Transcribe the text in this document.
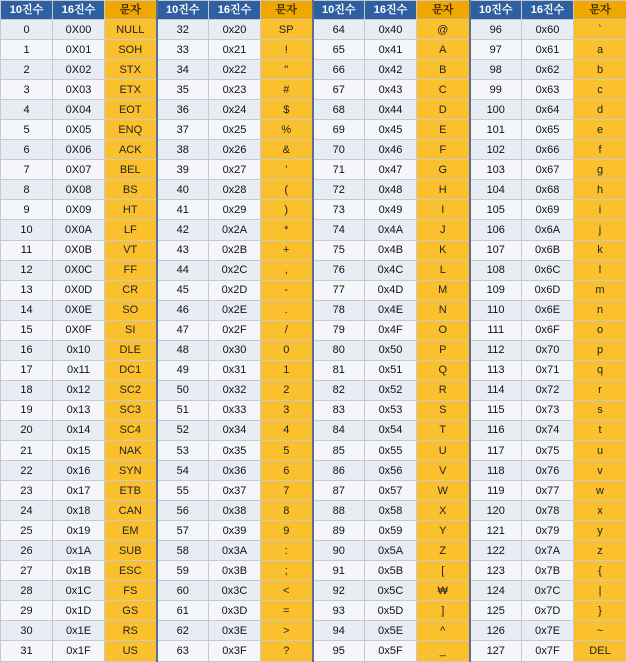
10진수	16진수	문자	10진수	16진수	문자	10진수	16진수	문자	10진수	16진수	문자
0	0X00	NULL	32	0x20	SP	64	0x40	@	96	0x60	`
1	0X01	SOH	33	0x21	!	65	0x41	A	97	0x61	a
2	0X02	STX	34	0x22	"	66	0x42	B	98	0x62	b
3	0X03	ETX	35	0x23	#	67	0x43	C	99	0x63	c
4	0X04	EOT	36	0x24	$	68	0x44	D	100	0x64	d
5	0X05	ENQ	37	0x25	%	69	0x45	E	101	0x65	e
6	0X06	ACK	38	0x26	&	70	0x46	F	102	0x66	f
7	0X07	BEL	39	0x27	'	71	0x47	G	103	0x67	g
8	0X08	BS	40	0x28	(	72	0x48	H	104	0x68	h
9	0X09	HT	41	0x29	)	73	0x49	I	105	0x69	i
10	0X0A	LF	42	0x2A	*	74	0x4A	J	106	0x6A	j
11	0X0B	VT	43	0x2B	+	75	0x4B	K	107	0x6B	k
12	0X0C	FF	44	0x2C	,	76	0x4C	L	108	0x6C	l
13	0X0D	CR	45	0x2D	-	77	0x4D	M	109	0x6D	m
14	0X0E	SO	46	0x2E	.	78	0x4E	N	110	0x6E	n
15	0X0F	SI	47	0x2F	/	79	0x4F	O	111	0x6F	o
16	0x10	DLE	48	0x30	0	80	0x50	P	112	0x70	p
17	0x11	DC1	49	0x31	1	81	0x51	Q	113	0x71	q
18	0x12	SC2	50	0x32	2	82	0x52	R	114	0x72	r
19	0x13	SC3	51	0x33	3	83	0x53	S	115	0x73	s
20	0x14	SC4	52	0x34	4	84	0x54	T	116	0x74	t
21	0x15	NAK	53	0x35	5	85	0x55	U	117	0x75	u
22	0x16	SYN	54	0x36	6	86	0x56	V	118	0x76	v
23	0x17	ETB	55	0x37	7	87	0x57	W	119	0x77	w
24	0x18	CAN	56	0x38	8	88	0x58	X	120	0x78	x
25	0x19	EM	57	0x39	9	89	0x59	Y	121	0x79	y
26	0x1A	SUB	58	0x3A	:	90	0x5A	Z	122	0x7A	z
27	0x1B	ESC	59	0x3B	;	91	0x5B	[	123	0x7B	{
28	0x1C	FS	60	0x3C	<	92	0x5C	₩	124	0x7C	|
29	0x1D	GS	61	0x3D	=	93	0x5D	]	125	0x7D	}
30	0x1E	RS	62	0x3E	>	94	0x5E	^	126	0x7E	~
31	0x1F	US	63	0x3F	?	95	0x5F	_	127	0x7F	DEL
